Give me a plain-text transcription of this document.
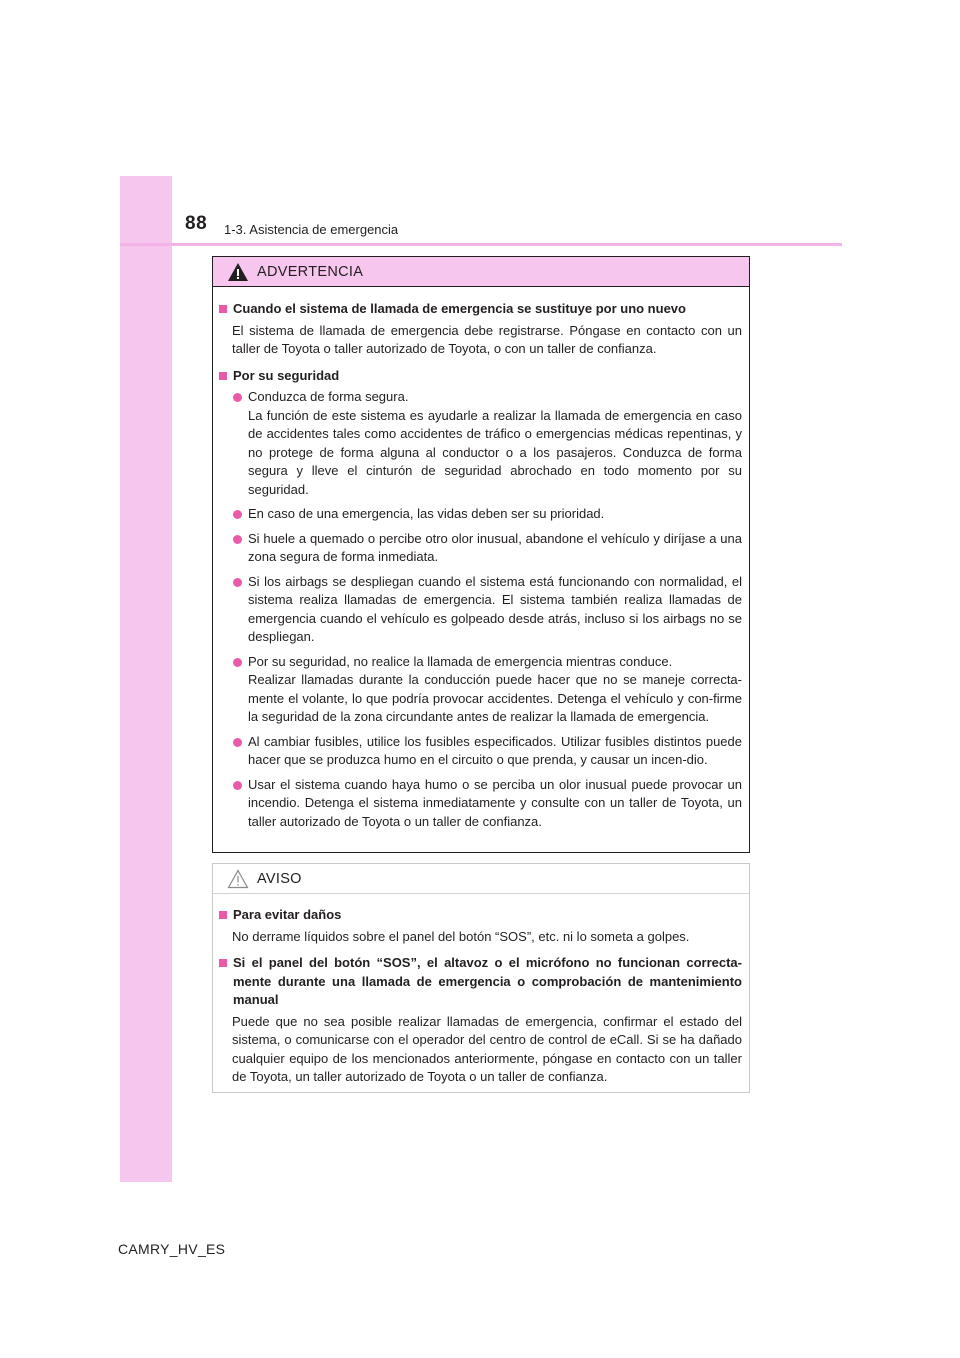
88 1-3. Asistencia de emergencia
ADVERTENCIA
Cuando el sistema de llamada de emergencia se sustituye por uno nuevo
El sistema de llamada de emergencia debe registrarse. Póngase en contacto con un taller de Toyota o taller autorizado de Toyota, o con un taller de confianza.
Por su seguridad
Conduzca de forma segura.
La función de este sistema es ayudarle a realizar la llamada de emergencia en caso de accidentes tales como accidentes de tráfico o emergencias médicas repentinas, y no protege de forma alguna al conductor o a los pasajeros. Conduzca de forma segura y lleve el cinturón de seguridad abrochado en todo momento por su seguridad.
En caso de una emergencia, las vidas deben ser su prioridad.
Si huele a quemado o percibe otro olor inusual, abandone el vehículo y diríjase a una zona segura de forma inmediata.
Si los airbags se despliegan cuando el sistema está funcionando con normalidad, el sistema realiza llamadas de emergencia. El sistema también realiza llamadas de emergencia cuando el vehículo es golpeado desde atrás, incluso si los airbags no se despliegan.
Por su seguridad, no realice la llamada de emergencia mientras conduce.
Realizar llamadas durante la conducción puede hacer que no se maneje correcta-mente el volante, lo que podría provocar accidentes. Detenga el vehículo y con-firme la seguridad de la zona circundante antes de realizar la llamada de emergencia.
Al cambiar fusibles, utilice los fusibles especificados. Utilizar fusibles distintos puede hacer que se produzca humo en el circuito o que prenda, y causar un incen-dio.
Usar el sistema cuando haya humo o se perciba un olor inusual puede provocar un incendio. Detenga el sistema inmediatamente y consulte con un taller de Toyota, un taller autorizado de Toyota o un taller de confianza.
AVISO
Para evitar daños
No derrame líquidos sobre el panel del botón “SOS”, etc. ni lo someta a golpes.
Si el panel del botón “SOS”, el altavoz o el micrófono no funcionan correcta-mente durante una llamada de emergencia o comprobación de mantenimiento manual
Puede que no sea posible realizar llamadas de emergencia, confirmar el estado del sistema, o comunicarse con el operador del centro de control de eCall. Si se ha dañado cualquier equipo de los mencionados anteriormente, póngase en contacto con un taller de Toyota, un taller autorizado de Toyota o un taller de confianza.
CAMRY_HV_ES
